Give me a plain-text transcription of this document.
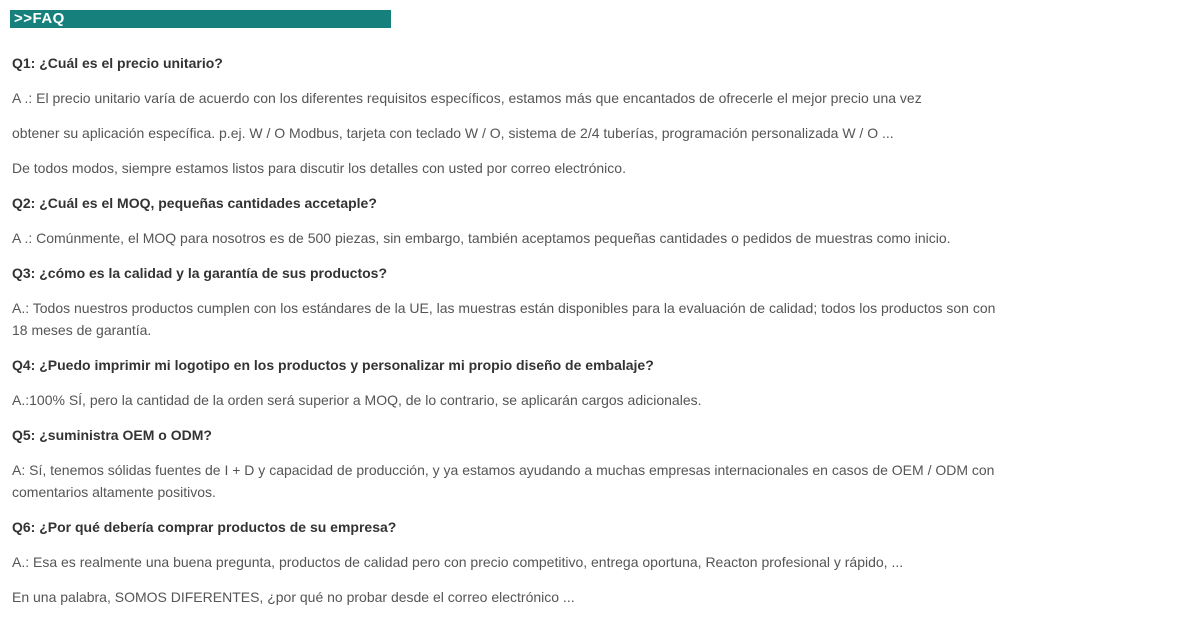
>>FAQ
Q1: ¿Cuál es el precio unitario?
A .: El precio unitario varía de acuerdo con los diferentes requisitos específicos, estamos más que encantados de ofrecerle el mejor precio una vez
obtener su aplicación específica. p.ej. W / O Modbus, tarjeta con teclado W / O, sistema de 2/4 tuberías, programación personalizada W / O ...
De todos modos, siempre estamos listos para discutir los detalles con usted por correo electrónico.
Q2: ¿Cuál es el MOQ, pequeñas cantidades accetaple?
A .: Comúnmente, el MOQ para nosotros es de 500 piezas, sin embargo, también aceptamos pequeñas cantidades o pedidos de muestras como inicio.
Q3: ¿cómo es la calidad y la garantía de sus productos?
A.: Todos nuestros productos cumplen con los estándares de la UE, las muestras están disponibles para la evaluación de calidad; todos los productos son con
18 meses de garantía.
Q4: ¿Puedo imprimir mi logotipo en los productos y personalizar mi propio diseño de embalaje?
A.:100% SÍ, pero la cantidad de la orden será superior a MOQ, de lo contrario, se aplicarán cargos adicionales.
Q5: ¿suministra OEM o ODM?
A: Sí, tenemos sólidas fuentes de I + D y capacidad de producción, y ya estamos ayudando a muchas empresas internacionales en casos de OEM / ODM con
comentarios altamente positivos.
Q6: ¿Por qué debería comprar productos de su empresa?
A.: Esa es realmente una buena pregunta, productos de calidad pero con precio competitivo, entrega oportuna, Reacton profesional y rápido, ...
En una palabra, SOMOS DIFERENTES, ¿por qué no probar desde el correo electrónico ...
